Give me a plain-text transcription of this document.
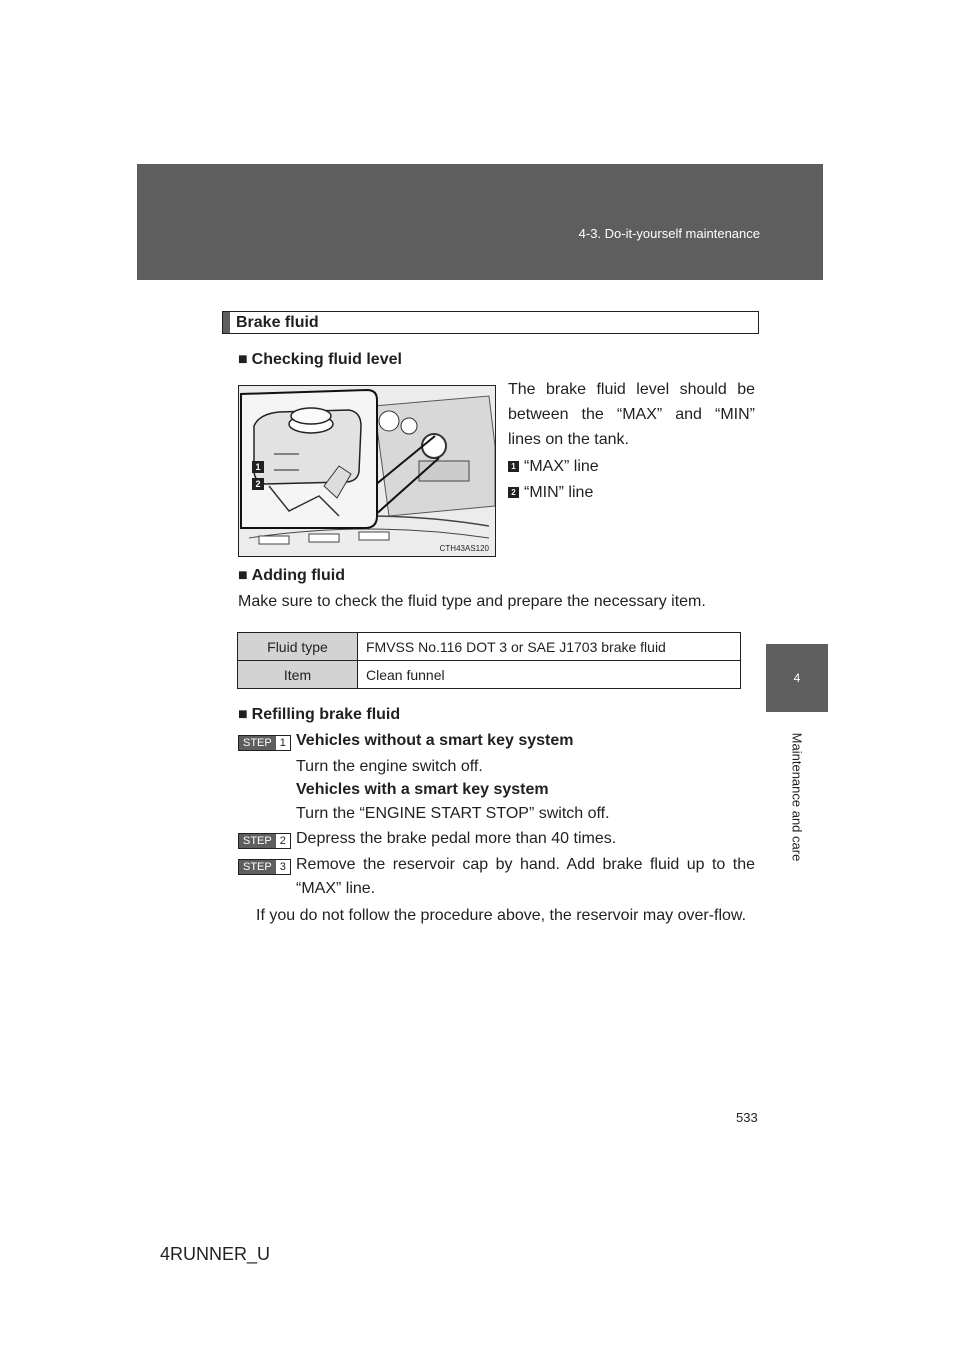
4-3. Do-it-yourself maintenance
4
Maintenance and care
Brake fluid
■ Checking fluid level
1
2
CTH43AS120
The brake fluid level should be between the “MAX” and “MIN” lines on the tank.
1 “MAX” line
2 “MIN” line
■ Adding fluid
Make sure to check the fluid type and prepare the necessary item.
Fluid type	FMVSS No.116 DOT 3 or SAE J1703 brake fluid
Item	Clean funnel
■ Refilling brake fluid
STEP 1 Vehicles without a smart key system
Turn the engine switch off.
Vehicles with a smart key system
Turn the “ENGINE START STOP” switch off.
STEP 2 Depress the brake pedal more than 40 times.
STEP 3 Remove the reservoir cap by hand. Add brake fluid up to the “MAX” line.
If you do not follow the procedure above, the reservoir may over-flow.
533
4RUNNER_U
